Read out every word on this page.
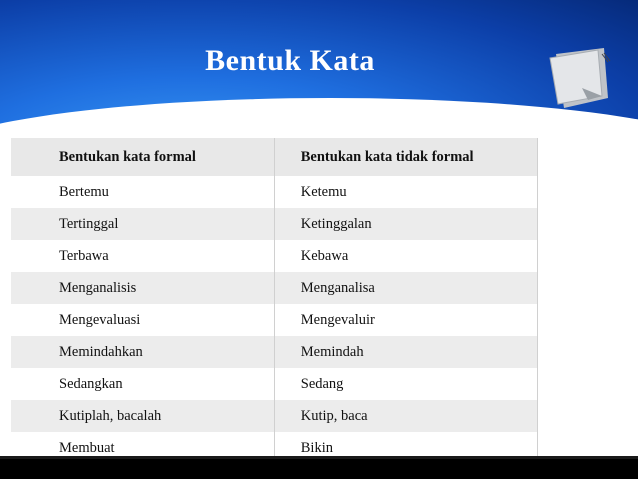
Bentuk Kata
Bentukan kata formal	Bentukan kata tidak formal
Bertemu	Ketemu
Tertinggal	Ketinggalan
Terbawa	Kebawa
Menganalisis	Menganalisa
Mengevaluasi	Mengevaluir
Memindahkan	Memindah
Sedangkan	Sedang
Kutiplah, bacalah	Kutip, baca
Membuat	Bikin
